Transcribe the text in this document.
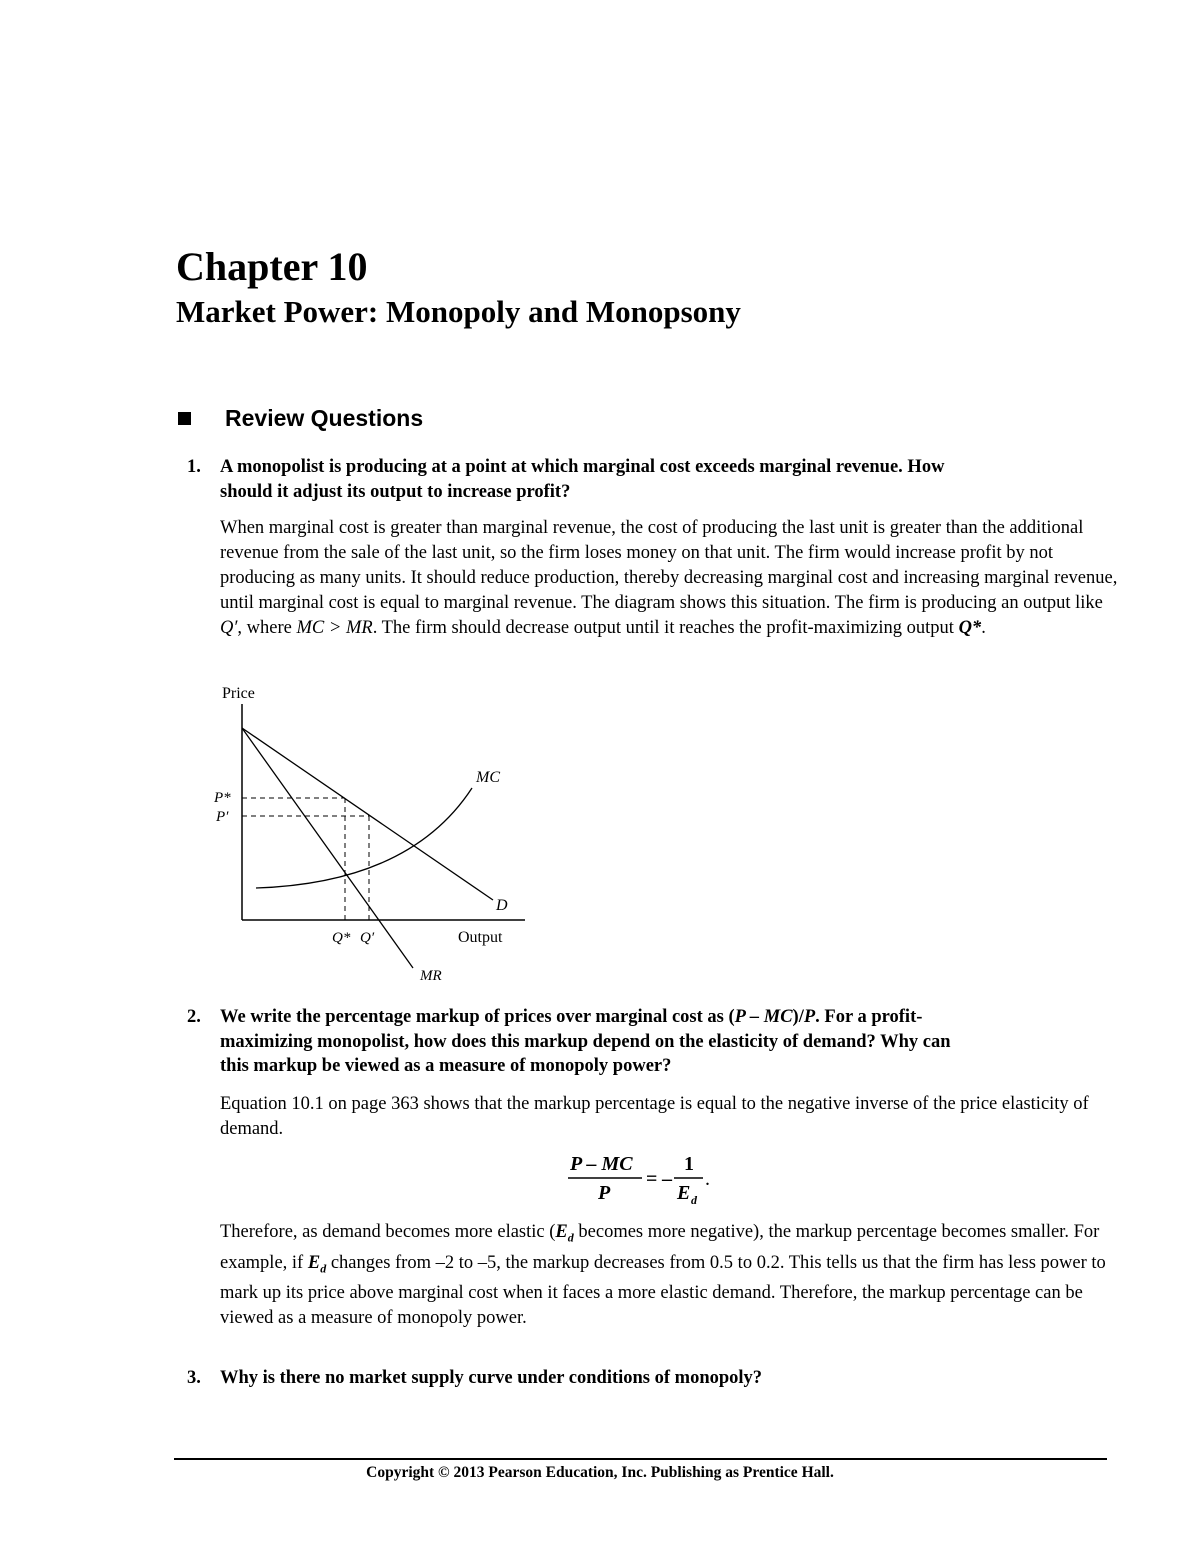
Chapter 10
Market Power: Monopoly and Monopsony
Review Questions
1. A monopolist is producing at a point at which marginal cost exceeds marginal revenue. How
should it adjust its output to increase profit?

When marginal cost is greater than marginal revenue, the cost of producing the last unit is greater than the additional revenue from the sale of the last unit, so the firm loses money on that unit. The firm would increase profit by not producing as many units. It should reduce production, thereby decreasing marginal cost and increasing marginal revenue, until marginal cost is equal to marginal revenue. The diagram shows this situation. The firm is producing an output like Q′, where MC > MR. The firm should decrease output until it reaches the profit-maximizing output Q*.

Price
Output
D
MR
MC
P*
P′
Q* Q′
2. We write the percentage markup of prices over marginal cost as (P – MC)/P. For a profit-
maximizing monopolist, how does this markup depend on the elasticity of demand? Why can
this markup be viewed as a measure of monopoly power?

Equation 10.1 on page 363 shows that the markup percentage is equal to the negative inverse of the price elasticity of demand.

P – MC
P
= –
1
E d
.

Therefore, as demand becomes more elastic ($E_d$ becomes more negative), the markup percentage becomes smaller. For example, if $E_d$ changes from –2 to –5, the markup decreases from 0.5 to 0.2. This tells us that the firm has less power to mark up its price above marginal cost when it faces a more elastic demand. Therefore, the markup percentage can be viewed as a measure of monopoly power.

3. Why is there no market supply curve under conditions of monopoly?
Copyright © 2013 Pearson Education, Inc. Publishing as Prentice Hall.
